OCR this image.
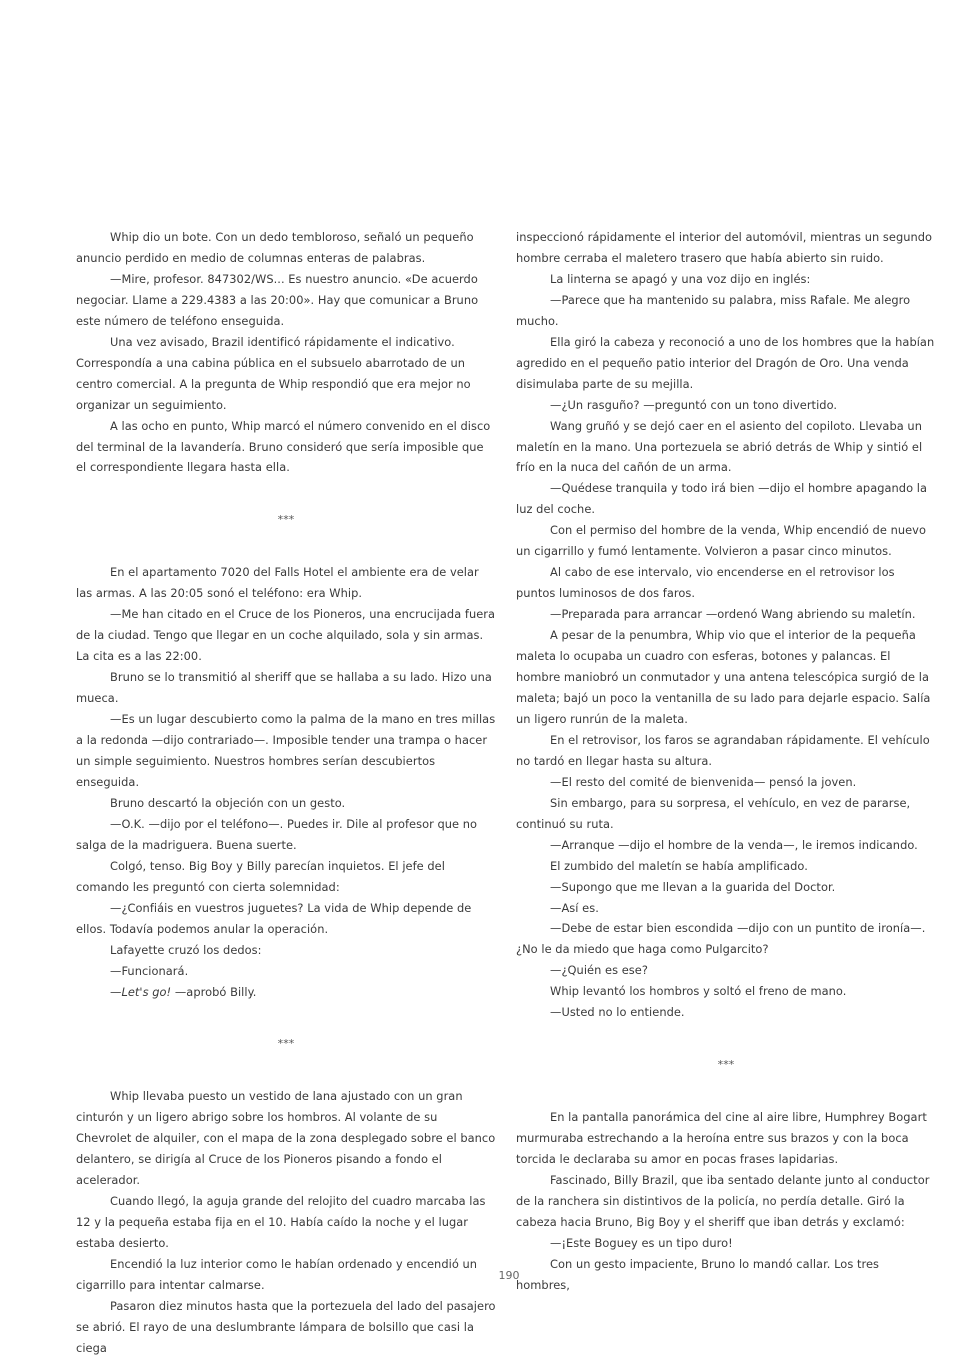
Whip dio un bote. Con un dedo tembloroso, señaló un pequeño anuncio perdido en medio de columnas enteras de palabras.

—Mire, profesor. 847302/WS... Es nuestro anuncio. «De acuerdo negociar. Llame a 229.4383 a las 20:00». Hay que comunicar a Bruno este número de teléfono enseguida.

Una vez avisado, Brazil identificó rápidamente el indicativo. Correspondía a una cabina pública en el subsuelo abarrotado de un centro comercial. A la pregunta de Whip respondió que era mejor no organizar un seguimiento.

A las ocho en punto, Whip marcó el número convenido en el disco del terminal de la lavandería. Bruno consideró que sería imposible que el correspondiente llegara hasta ella.

***

En el apartamento 7020 del Falls Hotel el ambiente era de velar las armas. A las 20:05 sonó el teléfono: era Whip.

—Me han citado en el Cruce de los Pioneros, una encrucijada fuera de la ciudad. Tengo que llegar en un coche alquilado, sola y sin armas. La cita es a las 22:00.

Bruno se lo transmitió al sheriff que se hallaba a su lado. Hizo una mueca.

—Es un lugar descubierto como la palma de la mano en tres millas a la redonda —dijo contrariado—. Imposible tender una trampa o hacer un simple seguimiento. Nuestros hombres serían descubiertos enseguida.

Bruno descartó la objeción con un gesto.

—O.K. —dijo por el teléfono—. Puedes ir. Dile al profesor que no salga de la madriguera. Buena suerte.

Colgó, tenso. Big Boy y Billy parecían inquietos. El jefe del comando les preguntó con cierta solemnidad:

—¿Confiáis en vuestros juguetes? La vida de Whip depende de ellos. Todavía podemos anular la operación.

Lafayette cruzó los dedos:

—Funcionará.

—Let's go! —aprobó Billy.

***

Whip llevaba puesto un vestido de lana ajustado con un gran cinturón y un ligero abrigo sobre los hombros. Al volante de su Chevrolet de alquiler, con el mapa de la zona desplegado sobre el banco delantero, se dirigía al Cruce de los Pioneros pisando a fondo el acelerador.

Cuando llegó, la aguja grande del relojito del cuadro marcaba las 12 y la pequeña estaba fija en el 10. Había caído la noche y el lugar estaba desierto.

Encendió la luz interior como le habían ordenado y encendió un cigarrillo para intentar calmarse.

Pasaron diez minutos hasta que la portezuela del lado del pasajero se abrió. El rayo de una deslumbrante lámpara de bolsillo que casi la ciega

inspeccionó rápidamente el interior del automóvil, mientras un segundo hombre cerraba el maletero trasero que había abierto sin ruido.

La linterna se apagó y una voz dijo en inglés:

—Parece que ha mantenido su palabra, miss Rafale. Me alegro mucho.

Ella giró la cabeza y reconoció a uno de los hombres que la habían agredido en el pequeño patio interior del Dragón de Oro. Una venda disimulaba parte de su mejilla.

—¿Un rasguño? —preguntó con un tono divertido.

Wang gruñó y se dejó caer en el asiento del copiloto. Llevaba un maletín en la mano. Una portezuela se abrió detrás de Whip y sintió el frío en la nuca del cañón de un arma.

—Quédese tranquila y todo irá bien —dijo el hombre apagando la luz del coche.

Con el permiso del hombre de la venda, Whip encendió de nuevo un cigarrillo y fumó lentamente. Volvieron a pasar cinco minutos.

Al cabo de ese intervalo, vio encenderse en el retrovisor los puntos luminosos de dos faros.

—Preparada para arrancar —ordenó Wang abriendo su maletín.

A pesar de la penumbra, Whip vio que el interior de la pequeña maleta lo ocupaba un cuadro con esferas, botones y palancas. El hombre maniobró un conmutador y una antena telescópica surgió de la maleta; bajó un poco la ventanilla de su lado para dejarle espacio. Salía un ligero runrún de la maleta.

En el retrovisor, los faros se agrandaban rápidamente. El vehículo no tardó en llegar hasta su altura.

—El resto del comité de bienvenida— pensó la joven.

Sin embargo, para su sorpresa, el vehículo, en vez de pararse, continuó su ruta.

—Arranque —dijo el hombre de la venda—, le iremos indicando.

El zumbido del maletín se había amplificado.

—Supongo que me llevan a la guarida del Doctor.

—Así es.

—Debe de estar bien escondida —dijo con un puntito de ironía—. ¿No le da miedo que haga como Pulgarcito?

—¿Quién es ese?

Whip levantó los hombros y soltó el freno de mano.

—Usted no lo entiende.

***

En la pantalla panorámica del cine al aire libre, Humphrey Bogart murmuraba estrechando a la heroína entre sus brazos y con la boca torcida le declaraba su amor en pocas frases lapidarias.

Fascinado, Billy Brazil, que iba sentado delante junto al conductor de la ranchera sin distintivos de la policía, no perdía detalle. Giró la cabeza hacia Bruno, Big Boy y el sheriff que iban detrás y exclamó:

—¡Este Boguey es un tipo duro!

Con un gesto impaciente, Bruno lo mandó callar. Los tres hombres,

190
